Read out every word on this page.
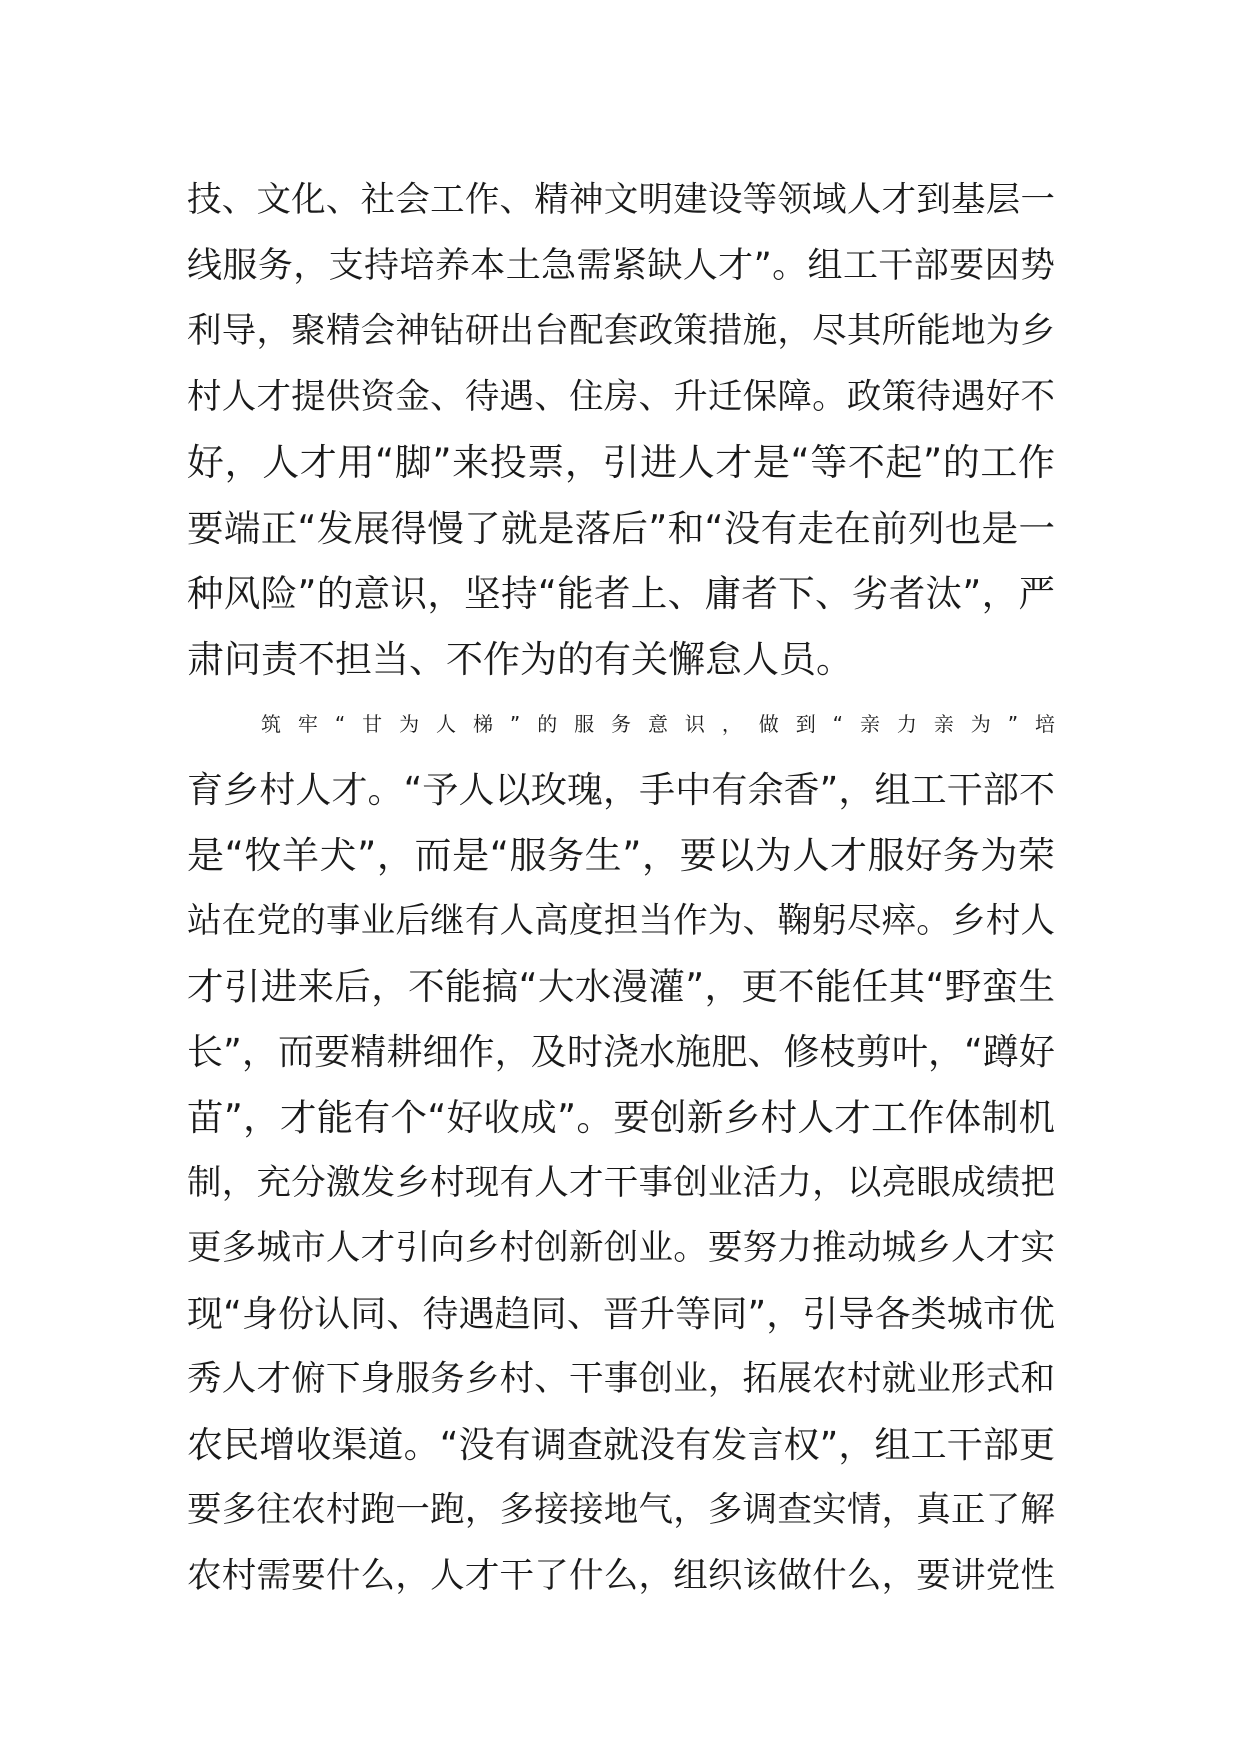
技、文化、社会工作、精神文明建设等领域人才到基层一
线服务，支持培养本土急需紧缺人才”。组工干部要因势
利导，聚精会神钻研出台配套政策措施，尽其所能地为乡
村人才提供资金、待遇、住房、升迁保障。政策待遇好不
好，人才用“脚”来投票，引进人才是“等不起”的工作
要端正“发展得慢了就是落后”和“没有走在前列也是一
种风险”的意识，坚持“能者上、庸者下、劣者汰”，严
肃问责不担当、不作为的有关懈怠人员。
筑牢“甘为人梯”的服务意识，做到“亲力亲为”培
育乡村人才。“予人以玫瑰，手中有余香”，组工干部不
是“牧羊犬”，而是“服务生”，要以为人才服好务为荣
站在党的事业后继有人高度担当作为、鞠躬尽瘁。乡村人
才引进来后，不能搞“大水漫灌”，更不能任其“野蛮生
长”，而要精耕细作，及时浇水施肥、修枝剪叶，“蹲好
苗”，才能有个“好收成”。要创新乡村人才工作体制机
制，充分激发乡村现有人才干事创业活力，以亮眼成绩把
更多城市人才引向乡村创新创业。要努力推动城乡人才实
现“身份认同、待遇趋同、晋升等同”，引导各类城市优
秀人才俯下身服务乡村、干事创业，拓展农村就业形式和
农民增收渠道。“没有调查就没有发言权”，组工干部更
要多往农村跑一跑，多接接地气，多调查实情，真正了解
农村需要什么，人才干了什么，组织该做什么，要讲党性
